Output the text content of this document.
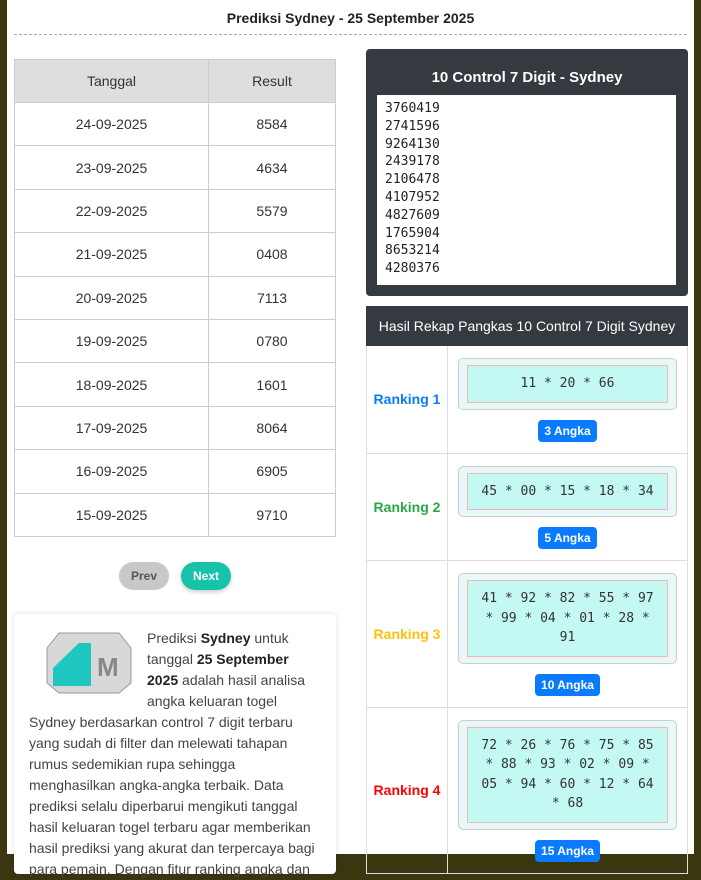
Prediksi Sydney - 25 September 2025
Tanggal	Result
24-09-2025	8584
23-09-2025	4634
22-09-2025	5579
21-09-2025	0408
20-09-2025	7113
19-09-2025	0780
18-09-2025	1601
17-09-2025	8064
16-09-2025	6905
15-09-2025	9710
Prev	Next
M
Prediksi Sydney untuk tanggal 25 September 2025 adalah hasil analisa angka keluaran togel Sydney berdasarkan control 7 digit terbaru yang sudah di filter dan melewati tahapan rumus sedemikian rupa sehingga menghasilkan angka-angka terbaik. Data prediksi selalu diperbarui mengikuti tanggal hasil keluaran togel terbaru agar memberikan hasil prediksi yang akurat dan terpercaya bagi para pemain. Dengan fitur ranking angka dan
10 Control 7 Digit - Sydney
3760419
2741596
9264130
2439178
2106478
4107952
4827609
1765904
8653214
4280376
Hasil Rekap Pangkas 10 Control 7 Digit Sydney	
Ranking 1	11 * 20 * 66
3 Angka
Ranking 2	45 * 00 * 15 * 18 * 34
5 Angka
Ranking 3	41 * 92 * 82 * 55 * 97 * 99 * 04 * 01 * 28 * 91
10 Angka
Ranking 4	72 * 26 * 76 * 75 * 85 * 88 * 93 * 02 * 09 * 05 * 94 * 60 * 12 * 64 * 68
15 Angka
